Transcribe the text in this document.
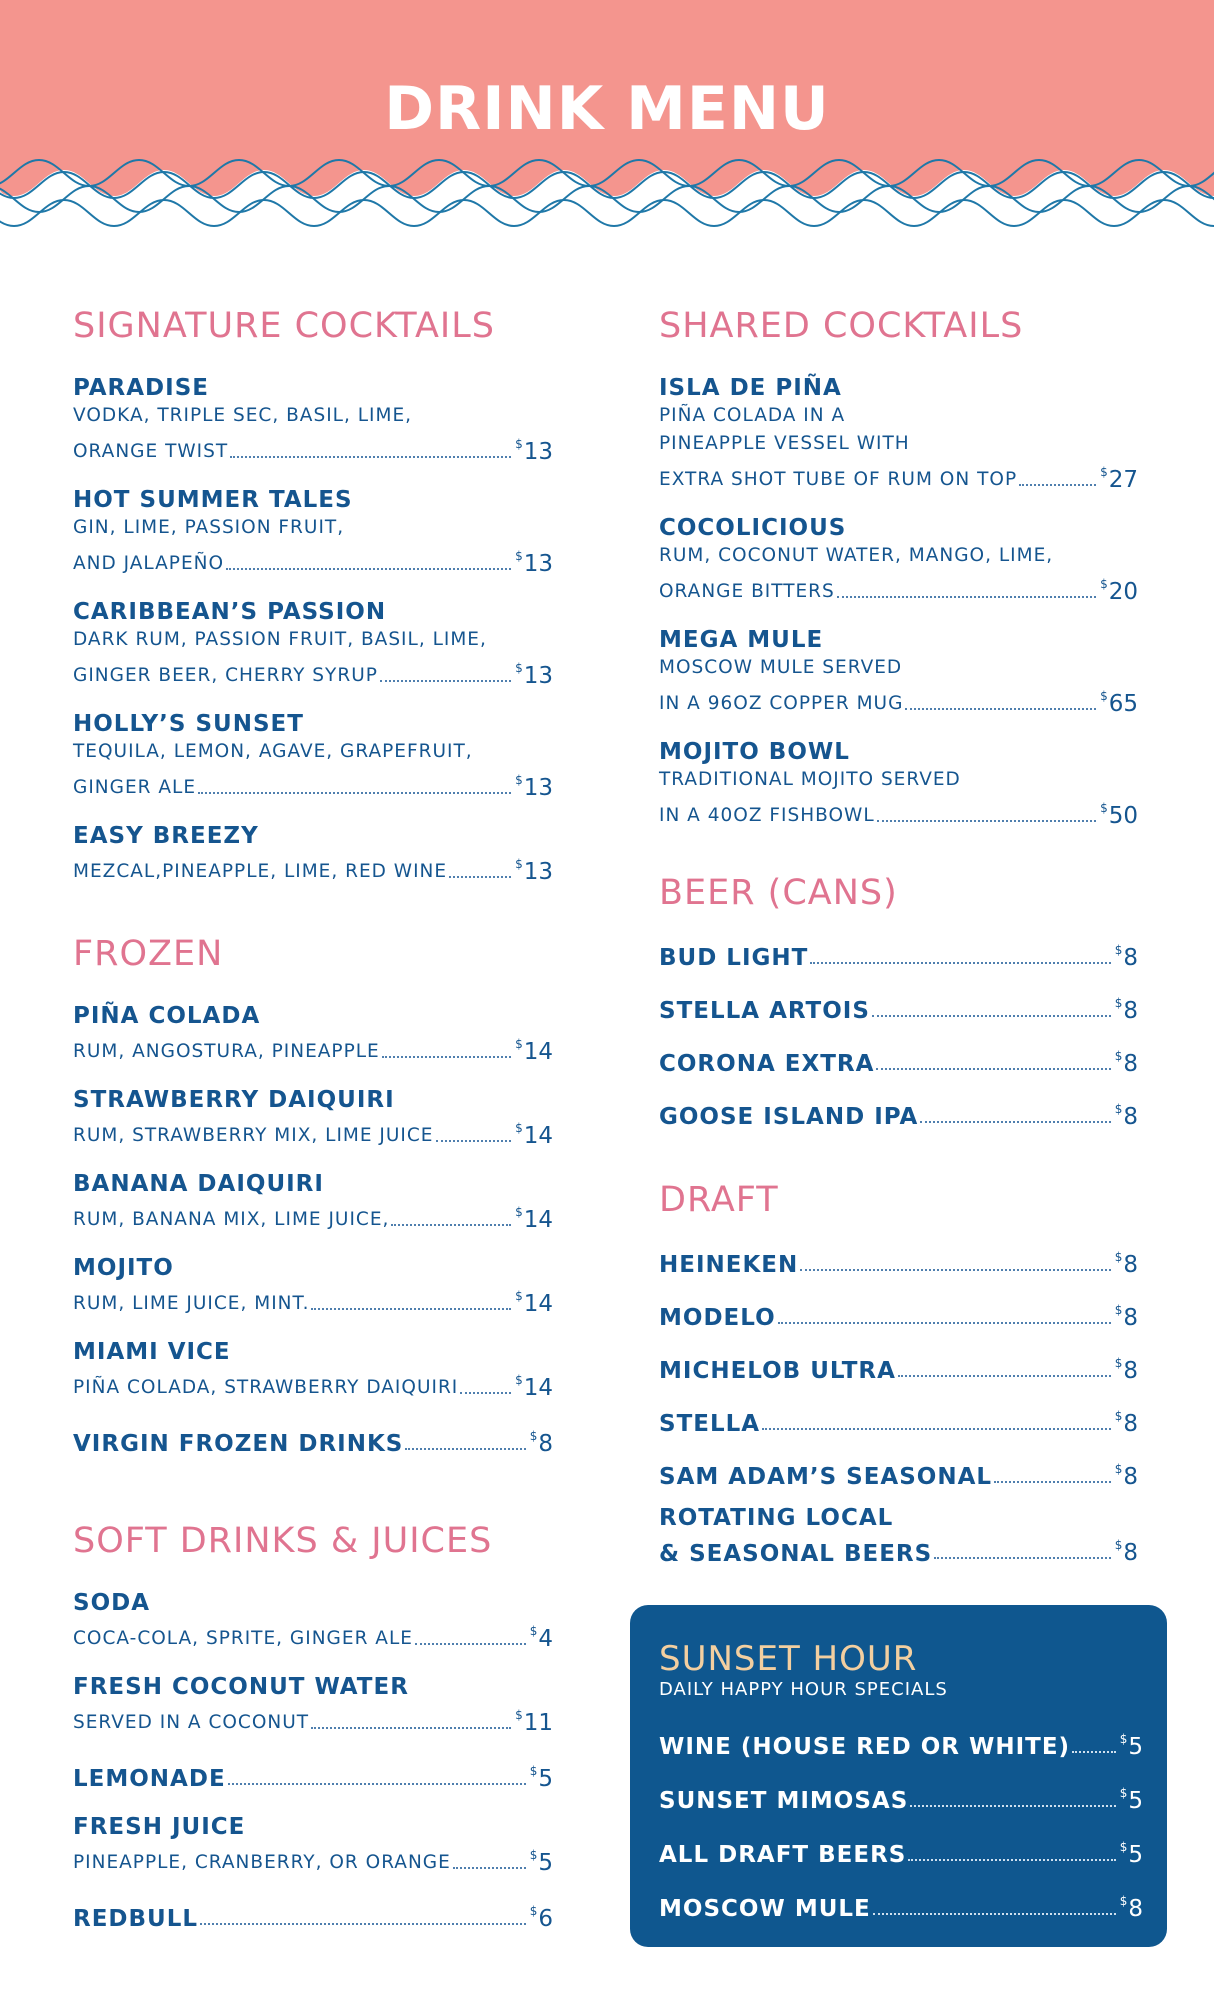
DRINK MENU
SIGNATURE COCKTAILS
PARADISE
VODKA, TRIPLE SEC, BASIL, LIME,
ORANGE TWIST	$13
HOT SUMMER TALES
GIN, LIME, PASSION FRUIT,
AND JALAPEÑO	$13
CARIBBEAN’S PASSION
DARK RUM, PASSION FRUIT, BASIL, LIME,
GINGER BEER, CHERRY SYRUP	$13
HOLLY’S SUNSET
TEQUILA, LEMON, AGAVE, GRAPEFRUIT,
GINGER ALE	$13
EASY BREEZY
MEZCAL,PINEAPPLE, LIME, RED WINE	$13
FROZEN
PIÑA COLADA
RUM, ANGOSTURA, PINEAPPLE	$14
STRAWBERRY DAIQUIRI
RUM, STRAWBERRY MIX, LIME JUICE	$14
BANANA DAIQUIRI
RUM, BANANA MIX, LIME JUICE,	$14
MOJITO
RUM, LIME JUICE, MINT.	$14
MIAMI VICE
PIÑA COLADA, STRAWBERRY DAIQUIRI	$14
VIRGIN FROZEN DRINKS	$8
SOFT DRINKS & JUICES
SODA
COCA-COLA, SPRITE, GINGER ALE	$4
FRESH COCONUT WATER
SERVED IN A COCONUT	$11
LEMONADE	$5
FRESH JUICE
PINEAPPLE, CRANBERRY, OR ORANGE	$5
REDBULL	$6
SHARED COCKTAILS
ISLA DE PIÑA
PIÑA COLADA IN A
PINEAPPLE VESSEL WITH
EXTRA SHOT TUBE OF RUM ON TOP	$27
COCOLICIOUS
RUM, COCONUT WATER, MANGO, LIME,
ORANGE BITTERS	$20
MEGA MULE
MOSCOW MULE SERVED
IN A 96OZ COPPER MUG	$65
MOJITO BOWL
TRADITIONAL MOJITO SERVED
IN A 40OZ FISHBOWL	$50
BEER (CANS)
BUD LIGHT	$8
STELLA ARTOIS	$8
CORONA EXTRA	$8
GOOSE ISLAND IPA	$8
DRAFT
HEINEKEN	$8
MODELO	$8
MICHELOB ULTRA	$8
STELLA	$8
SAM ADAM’S SEASONAL	$8
ROTATING LOCAL
& SEASONAL BEERS	$8
SUNSET HOUR
DAILY HAPPY HOUR SPECIALS
WINE (HOUSE RED OR WHITE)	$5
SUNSET MIMOSAS	$5
ALL DRAFT BEERS	$5
MOSCOW MULE	$8
